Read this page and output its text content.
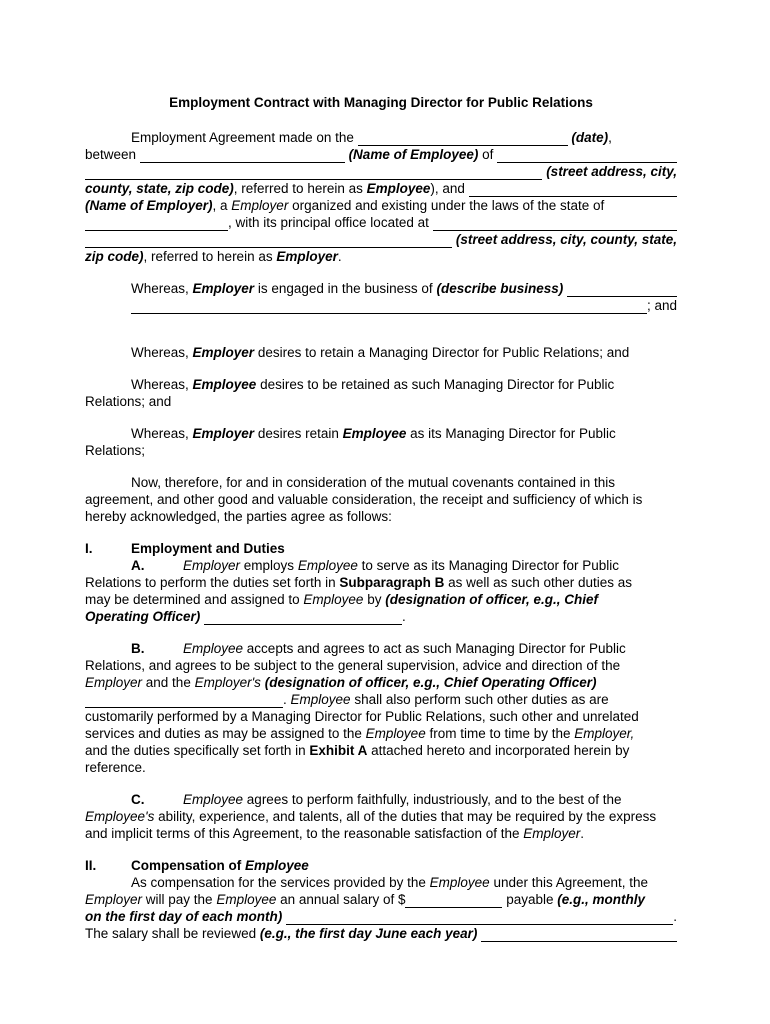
Employment Contract with Managing Director for Public Relations
Employment Agreement made on the
	(date) ,
between
	(Name of Employee) of

(street address, city,
county, state, zip code) , referred to herein as Employee ), and
(Name of Employer) , a Employer organized and existing under the laws of the state of
, with its principal office located at

(street address, city, county, state,
zip code) , referred to herein as Employer .
Whereas, Employer is engaged in the business of (describe business)

; and
Whereas, Employer desires to retain a Managing Director for Public Relations; and
Whereas, Employee desires to be retained as such Managing Director for Public
Relations; and
Whereas, Employer desires retain Employee as its Managing Director for Public
Relations;
Now, therefore, for and in consideration of the mutual covenants contained in this
agreement, and other good and valuable consideration, the receipt and sufficiency of which is
hereby acknowledged, the parties agree as follows:
I.	Employment and Duties
A.	Employer employs Employee to serve as its Managing Director for Public
Relations to perform the duties set forth in Subparagraph B as well as such other duties as
may be determined and assigned to Employee by (designation of officer, e.g., Chief
Operating Officer)
	.
B.	Employee accepts and agrees to act as such Managing Director for Public
Relations, and agrees to be subject to the general supervision, advice and direction of the
Employer and the Employer's
(designation of officer, e.g., Chief Operating Officer)
. Employee shall also perform such other duties as are
customarily performed by a Managing Director for Public Relations, such other and unrelated
services and duties as may be assigned to the Employee from time to time by the Employer,
and the duties specifically set forth in Exhibit A attached hereto and incorporated herein by
reference.
C.	Employee agrees to perform faithfully, industriously, and to the best of the
Employee's ability, experience, and talents, all of the duties that may be required by the express
and implicit terms of this Agreement, to the reasonable satisfaction of the Employer .
II.	Compensation of Employee
As compensation for the services provided by the Employee under this Agreement, the
Employer will pay the Employee an annual salary of $	payable (e.g., monthly
on the first day of each month)
	.
The salary shall be reviewed (e.g., the first day June each year)
